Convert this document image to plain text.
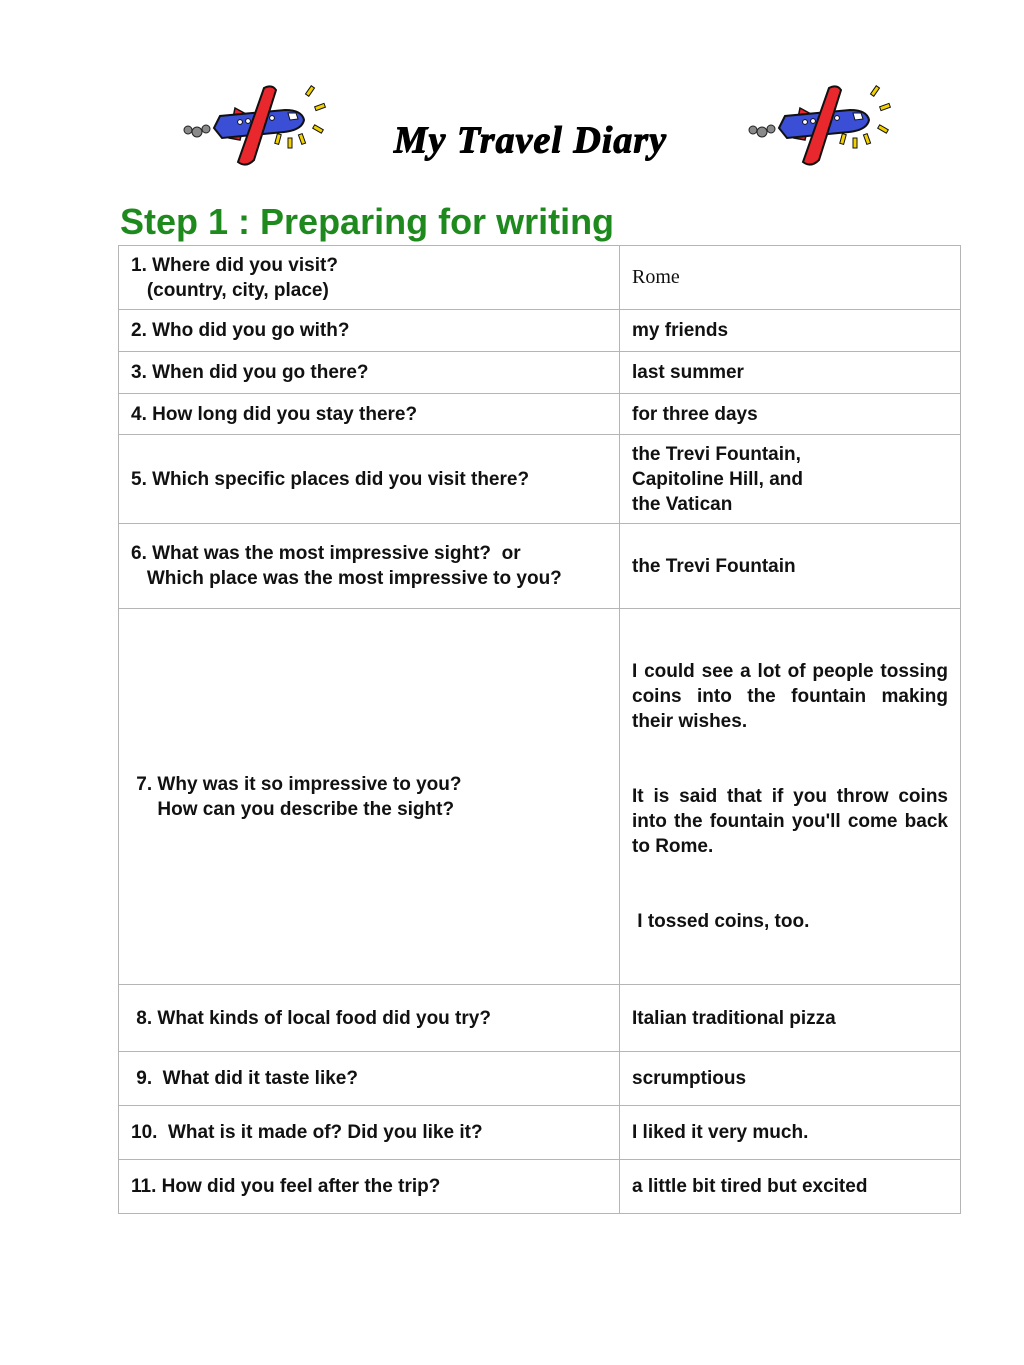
My Travel Diary
Step 1 : Preparing for writing
1. Where did you visit?
(country, city, place)	Rome
2. Who did you go with?	my friends
3. When did you go there?	last summer
4. How long did you stay there?	for three days
5. Which specific places did you visit there?	the Trevi Fountain,
Capitoline Hill, and
the Vatican
6. What was the most impressive sight?  or
Which place was the most impressive to you?	the Trevi Fountain
7. Why was it so impressive to you?
How can you describe the sight?	I could see a lot of people tossing coins into the fountain making their wishes.

It is said that if you throw coins into the fountain you'll come back to Rome.

I tossed coins, too.

8. What kinds of local food did you try?	Italian traditional pizza
9.  What did it taste like?	scrumptious
10.  What is it made of? Did you like it?	I liked it very much.
11. How did you feel after the trip?	a little bit tired but excited
